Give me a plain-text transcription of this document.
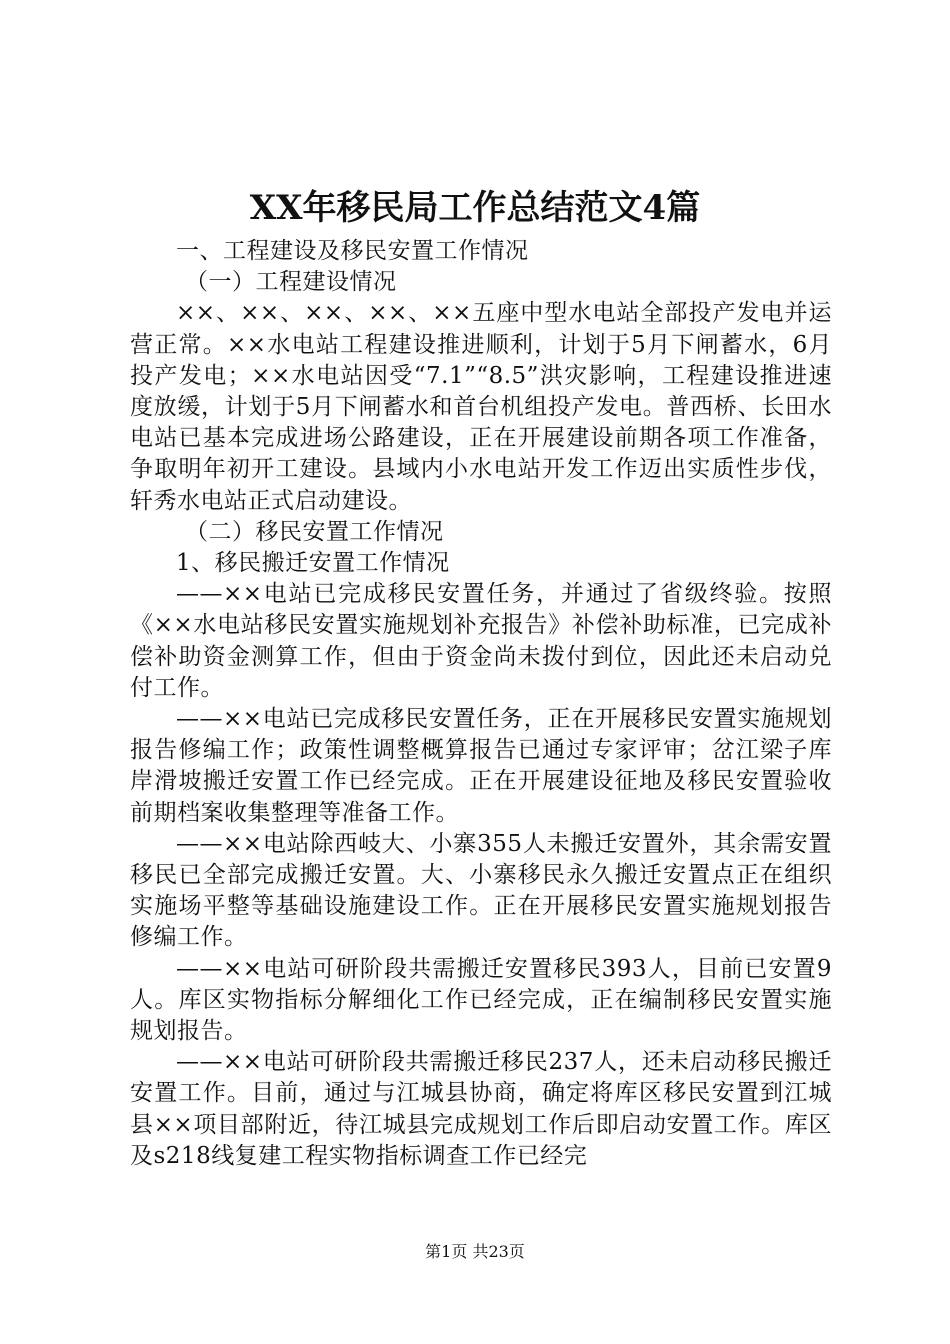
XX年移民局工作总结范文4篇

一、工程建设及移民安置工作情况

（一）工程建设情况

××、××、××、××、××五座中型水电站全部投产发电并运营正常。××水电站工程建设推进顺利，计划于5月下闸蓄水，6月投产发电；××水电站因受“7.1”“8.5”洪灾影响，工程建设推进速度放缓，计划于5月下闸蓄水和首台机组投产发电。普西桥、长田水电站已基本完成进场公路建设，正在开展建设前期各项工作准备，争取明年初开工建设。县域内小水电站开发工作迈出实质性步伐，轩秀水电站正式启动建设。

（二）移民安置工作情况

1、移民搬迁安置工作情况

——××电站已完成移民安置任务，并通过了省级终验。按照《××水电站移民安置实施规划补充报告》补偿补助标准，已完成补偿补助资金测算工作，但由于资金尚未拨付到位，因此还未启动兑付工作。

——××电站已完成移民安置任务，正在开展移民安置实施规划报告修编工作；政策性调整概算报告已通过专家评审；岔江梁子库岸滑坡搬迁安置工作已经完成。正在开展建设征地及移民安置验收前期档案收集整理等准备工作。

——××电站除西岐大、小寨355人未搬迁安置外，其余需安置移民已全部完成搬迁安置。大、小寨移民永久搬迁安置点正在组织实施场平整等基础设施建设工作。正在开展移民安置实施规划报告修编工作。

——××电站可研阶段共需搬迁安置移民393人，目前已安置9人。库区实物指标分解细化工作已经完成，正在编制移民安置实施规划报告。

——××电站可研阶段共需搬迁移民237人，还未启动移民搬迁安置工作。目前，通过与江城县协商，确定将库区移民安置到江城县××项目部附近，待江城县完成规划工作后即启动安置工作。库区及s218线复建工程实物指标调查工作已经完

第1页 共23页
